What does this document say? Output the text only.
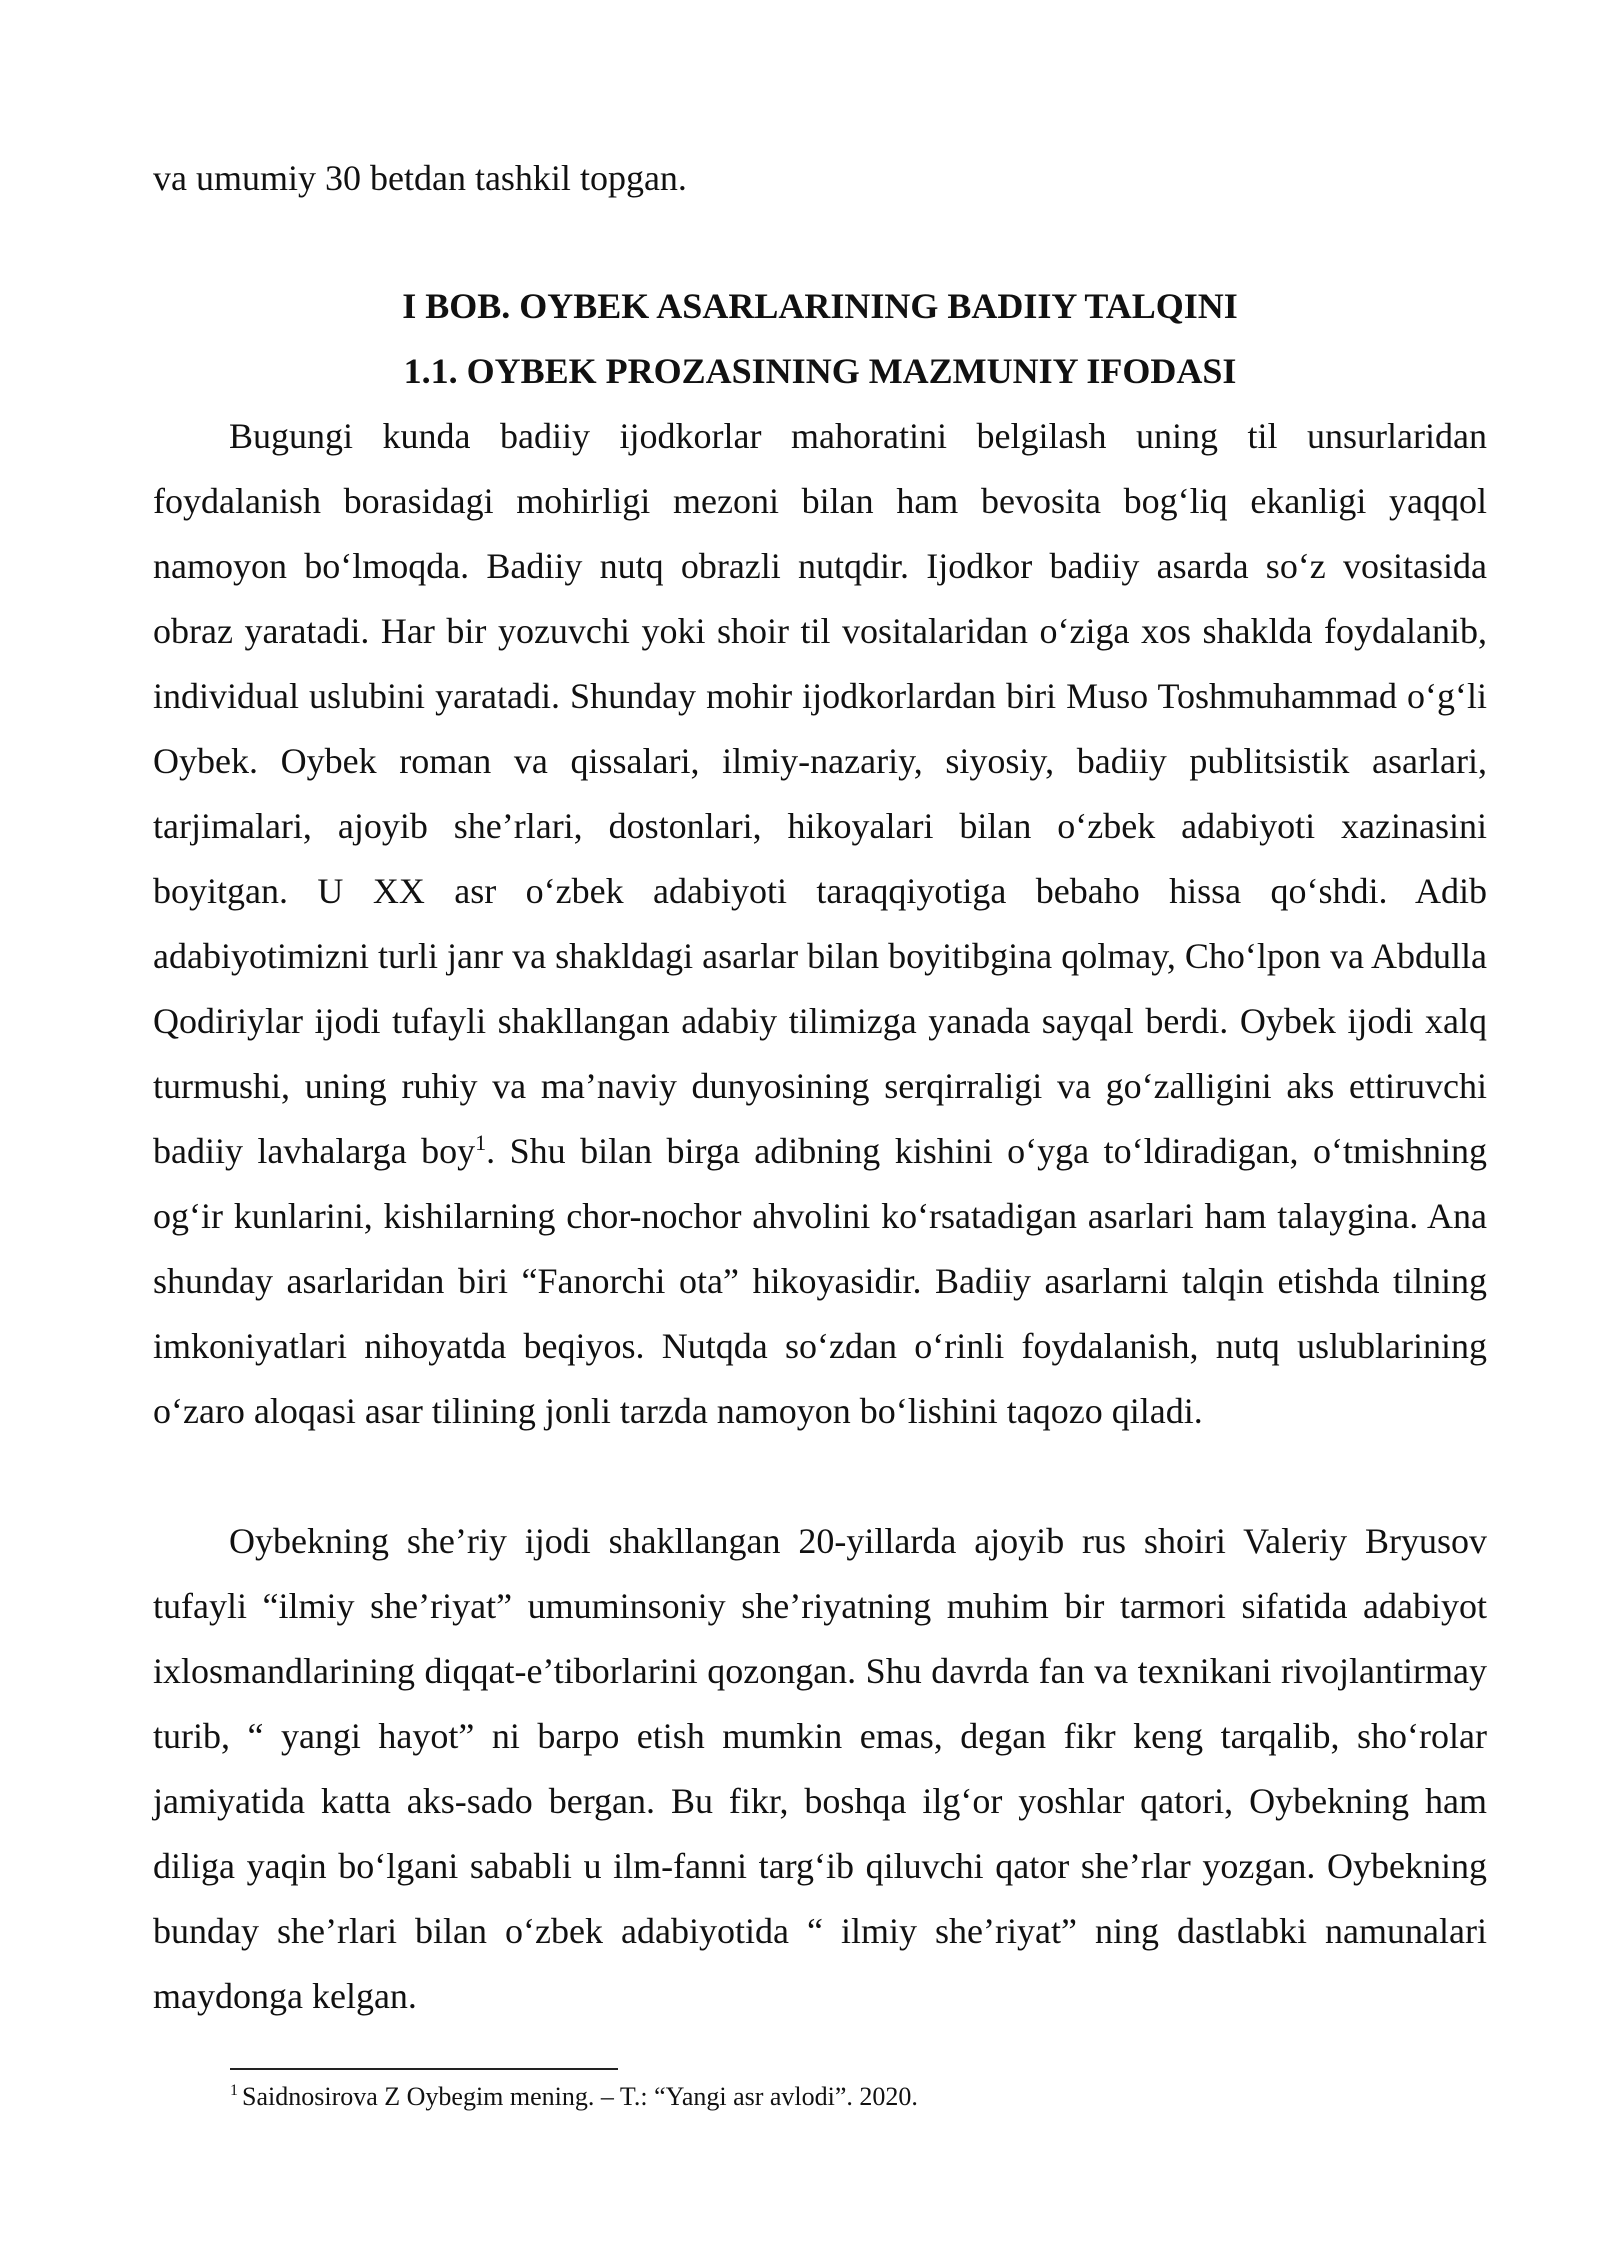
va umumiy 30 betdan tashkil topgan.

I BOB. OYBEK ASARLARINING BADIIY TALQINI
1.1. OYBEK PROZASINING MAZMUNIY IFODASI

Bugungi kunda badiiy ijodkorlar mahoratini belgilash uning til unsurlaridan foydalanish borasidagi mohirligi mezoni bilan ham bevosita bog‘liq ekanligi yaqqol namoyon bo‘lmoqda. Badiiy nutq obrazli nutqdir. Ijodkor badiiy asarda so‘z vositasida obraz yaratadi. Har bir yozuvchi yoki shoir til vositalaridan o‘ziga xos shaklda foydalanib, individual uslubini yaratadi. Shunday mohir ijodkorlardan biri Muso Toshmuhammad o‘g‘li Oybek. Oybek roman va qissalari, ilmiy-nazariy, siyosiy, badiiy publitsistik asarlari, tarjimalari, ajoyib she’rlari, dostonlari, hikoyalari bilan o‘zbek adabiyoti xazinasini boyitgan. U XX asr o‘zbek adabiyoti taraqqiyotiga bebaho hissa qo‘shdi. Adib adabiyotimizni turli janr va shakldagi asarlar bilan boyitibgina qolmay, Cho‘lpon va Abdulla Qodiriylar ijodi tufayli shakllangan adabiy tilimizga yanada sayqal berdi. Oybek ijodi xalq turmushi, uning ruhiy va ma’naviy dunyosining serqirraligi va go‘zalligini aks ettiruvchi badiiy lavhalarga boy$^1$. Shu bilan birga adibning kishini o‘yga to‘ldiradigan, o‘tmishning og‘ir kunlarini, kishilarning chor-nochor ahvolini ko‘rsatadigan asarlari ham talaygina. Ana shunday asarlaridan biri “Fanorchi ota” hikoyasidir. Badiiy asarlarni talqin etishda tilning imkoniyatlari nihoyatda beqiyos. Nutqda so‘zdan o‘rinli foydalanish, nutq uslublarining o‘zaro aloqasi asar tilining jonli tarzda namoyon bo‘lishini taqozo qiladi.

Oybekning she’riy ijodi shakllangan 20-yillarda ajoyib rus shoiri Valeriy Bryusov tufayli “ilmiy she’riyat” umuminsoniy she’riyatning muhim bir tarmori sifatida adabiyot ixlosmandlarining diqqat-e’tiborlarini qozongan. Shu davrda fan va texnikani rivojlantirmay turib, “ yangi hayot” ni barpo etish mumkin emas, degan fikr keng tarqalib, sho‘rolar jamiyatida katta aks-sado bergan. Bu fikr, boshqa ilg‘or yoshlar qatori, Oybekning ham diliga yaqin bo‘lgani sababli u ilm-fanni targ‘ib qiluvchi qator she’rlar yozgan. Oybekning bunday she’rlari bilan o‘zbek adabiyotida “ ilmiy she’riyat” ning dastlabki namunalari maydonga kelgan.

$^1$ Saidnosirova Z Oybegim mening. – T.: “Yangi asr avlodi”. 2020.
